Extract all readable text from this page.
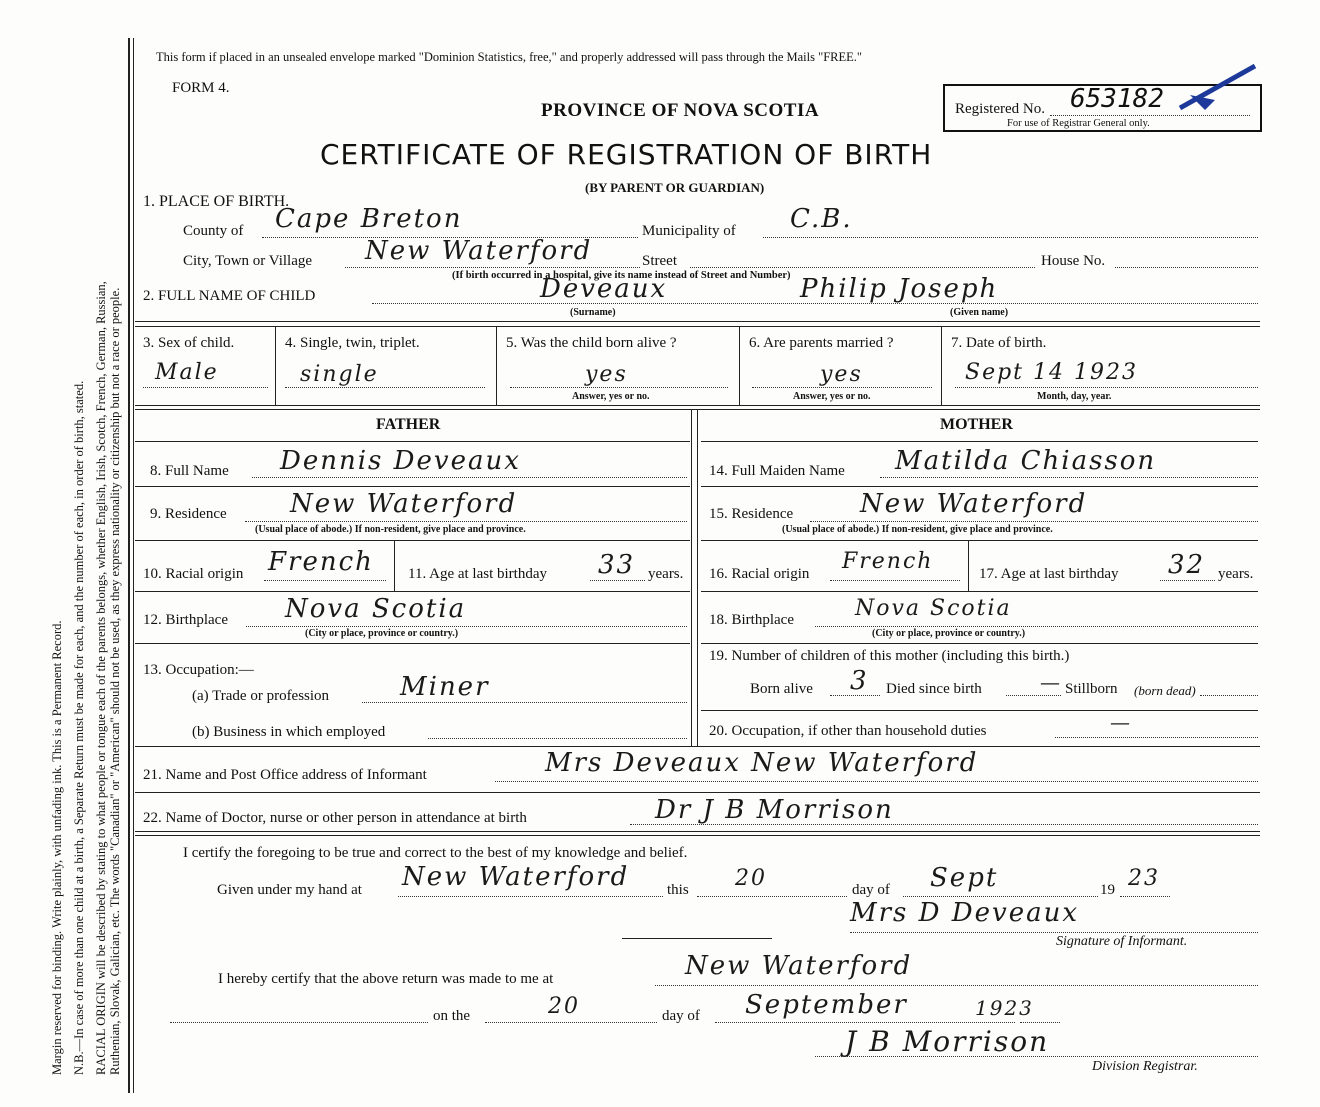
Margin reserved for binding. Write plainly, with unfading ink. This is a Permanent Record. N.B.—In case of more than one child at a birth, a Separate Return must be made for each, and the number of each, in order of birth, stated. RACIAL ORIGIN will be described by stating to what people or tongue each of the parents belongs, whether English, Irish, Scotch, French, German, Russian, Ruthenian, Slovak, Galician, etc. The words "Canadian" or "American" should not be used, as they express nationality or citizenship but not a race or people.
This form if placed in an unsealed envelope marked "Dominion Statistics, free," and properly addressed will pass through the Mails "FREE."
FORM 4.
PROVINCE OF NOVA SCOTIA
CERTIFICATE OF REGISTRATION OF BIRTH
(BY PARENT OR GUARDIAN)
Registered No. 653182
For use of Registrar General only.
1. PLACE OF BIRTH.
County of Cape Breton	Municipality of C.B.
City, Town or Village New Waterford	Street	House No.
(If birth occurred in a hospital, give its name instead of Street and Number)
2. FULL NAME OF CHILD	Deveaux	Philip Joseph
(Surname)	(Given name)
3. Sex of child.
Male
4. Single, twin, triplet.
single
5. Was the child born alive ?
yes
Answer, yes or no.
6. Are parents married ?
yes
Answer, yes or no.
7. Date of birth.
Sept 14 1923
Month, day, year.
FATHER	MOTHER
8. Full Name Dennis Deveaux
9. Residence New Waterford
(Usual place of abode.) If non-resident, give place and province.
10. Racial origin French 11. Age at last birthday 33 years.
12. Birthplace Nova Scotia
(City or place, province or country.)
13. Occupation:—
(a) Trade or profession	Miner
(b) Business in which employed
14. Full Maiden Name Matilda Chiasson
15. Residence	New Waterford
(Usual place of abode.) If non-resident, give place and province.
16. Racial origin French	17. Age at last birthday 32 years.
18. Birthplace	Nova Scotia
(City or place, province or country.)
19. Number of children of this mother (including this birth.)
Born alive 3 Died since birth	— Stillborn (born dead)
20. Occupation, if other than household duties	—
21. Name and Post Office address of Informant	Mrs Deveaux New Waterford
22. Name of Doctor, nurse or other person in attendance at birth	Dr J B Morrison
I certify the foregoing to be true and correct to the best of my knowledge and belief.
Given under my hand at New Waterford	this 20	day of Sept	19 23
Mrs D Deveaux
Signature of Informant.
I hereby certify that the above return was made to me at	New Waterford
on the	20	day of September	1923
J B Morrison
Division Registrar.
